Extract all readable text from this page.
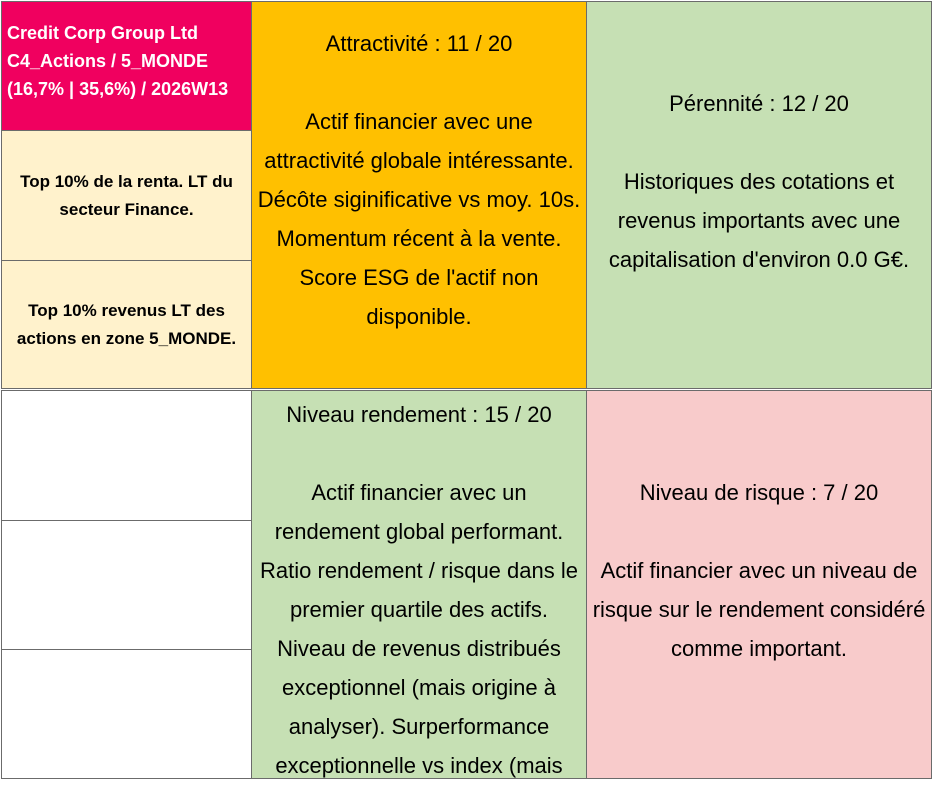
Credit Corp Group Ltd
C4_Actions / 5_MONDE
(16,7% | 35,6%) / 2026W13
Top 10% de la renta. LT du secteur Finance.
Top 10% revenus LT des actions en zone 5_MONDE.
Attractivité : 11 / 20
Actif financier avec une attractivité globale intéressante. Décôte siginificative vs moy. 10s. Momentum récent à la vente. Score ESG de l'actif non disponible.
Pérennité : 12 / 20
Historiques des cotations et revenus importants avec une capitalisation d'environ 0.0 G€.
Niveau rendement : 15 / 20
Actif financier avec un rendement global performant. Ratio rendement / risque dans le premier quartile des actifs. Niveau de revenus distribués exceptionnel (mais origine à analyser). Surperformance exceptionnelle vs index (mais
Niveau de risque : 7 / 20
Actif financier avec un niveau de risque sur le rendement considéré comme important.
